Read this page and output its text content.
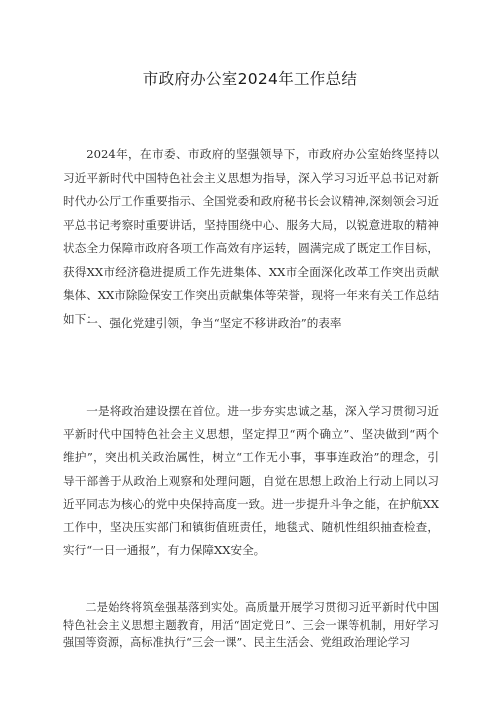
市政府办公室2024年工作总结

2024年，在市委、市政府的坚强领导下，市政府办公室始终坚持以习近平新时代中国特色社会主义思想为指导，深入学习习近平总书记对新时代办公厅工作重要指示、全国党委和政府秘书长会议精神,深刻领会习近平总书记考察时重要讲话，坚持围绕中心、服务大局，以锐意进取的精神状态全力保障市政府各项工作高效有序运转，圆满完成了既定工作目标，获得XX市经济稳进提质工作先进集体、XX市全面深化改革工作突出贡献集体、XX市除险保安工作突出贡献集体等荣誉，现将一年来有关工作总结如下：

一、强化党建引领，争当“坚定不移讲政治”的表率

一是将政治建设摆在首位。进一步夯实忠诚之基，深入学习贯彻习近平新时代中国特色社会主义思想，坚定捍卫“两个确立”、坚决做到“两个维护”，突出机关政治属性，树立“工作无小事，事事连政治”的理念，引导干部善于从政治上观察和处理问题，自觉在思想上政治上行动上同以习近平同志为核心的党中央保持高度一致。进一步提升斗争之能，在护航XX工作中，坚决压实部门和镇街值班责任，地毯式、随机性组织抽查检查，实行“一日一通报”，有力保障XX安全。

二是始终将筑垒强基落到实处。高质量开展学习贯彻习近平新时代中国特色社会主义思想主题教育，用活“固定党日”、三会一课等机制，用好学习强国等资源，高标准执行“三会一课”、民主生活会、党组政治理论学习
